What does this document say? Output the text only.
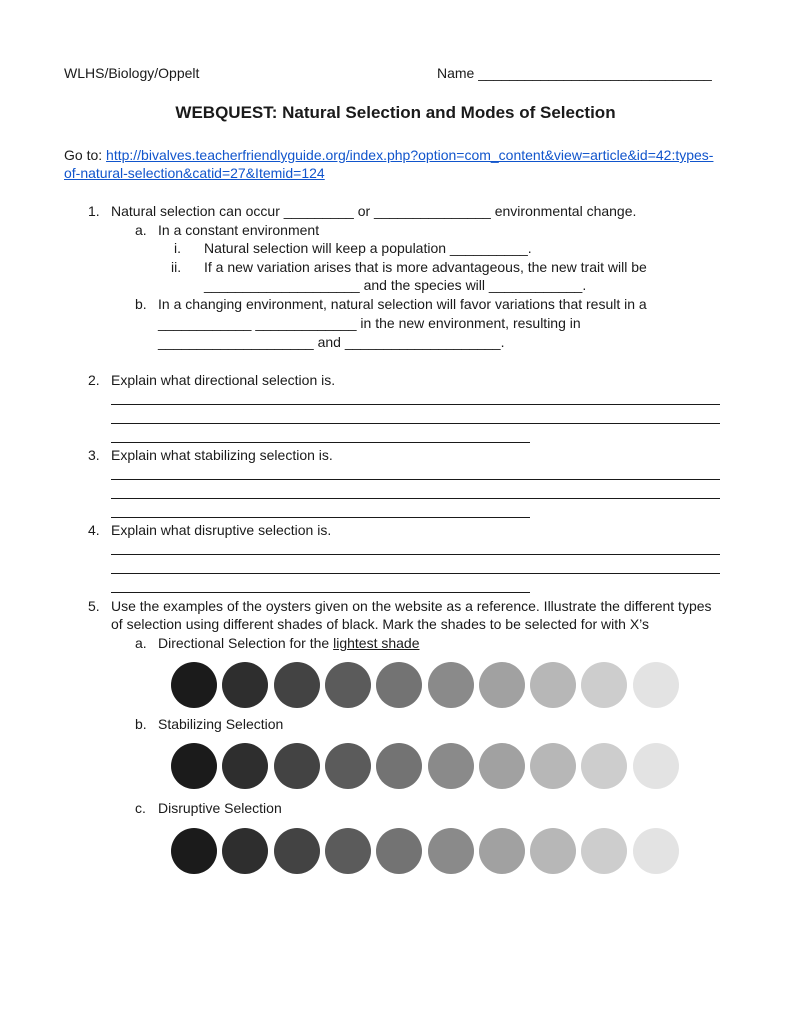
WLHS/Biology/Oppelt	Name ______________________________
WEBQUEST: Natural Selection and Modes of Selection
Go to: http://bivalves.teacherfriendlyguide.org/index.php?option=com_content&view=article&id=42:types-
of-natural-selection&catid=27&Itemid=124
1. Natural selection can occur _________ or _______________ environmental change.
a. In a constant environment
i. Natural selection will keep a population __________.
ii. If a new variation arises that is more advantageous, the new trait will be
____________________ and the species will ____________.
b. In a changing environment, natural selection will favor variations that result in a
____________ _____________ in the new environment, resulting in
____________________ and ____________________.
2. Explain what directional selection is.
3. Explain what stabilizing selection is.
4. Explain what disruptive selection is.
5. Use the examples of the oysters given on the website as a reference. Illustrate the different types
of selection using different shades of black. Mark the shades to be selected for with X’s
a. Directional Selection for the lightest shade
b. Stabilizing Selection
c. Disruptive Selection
